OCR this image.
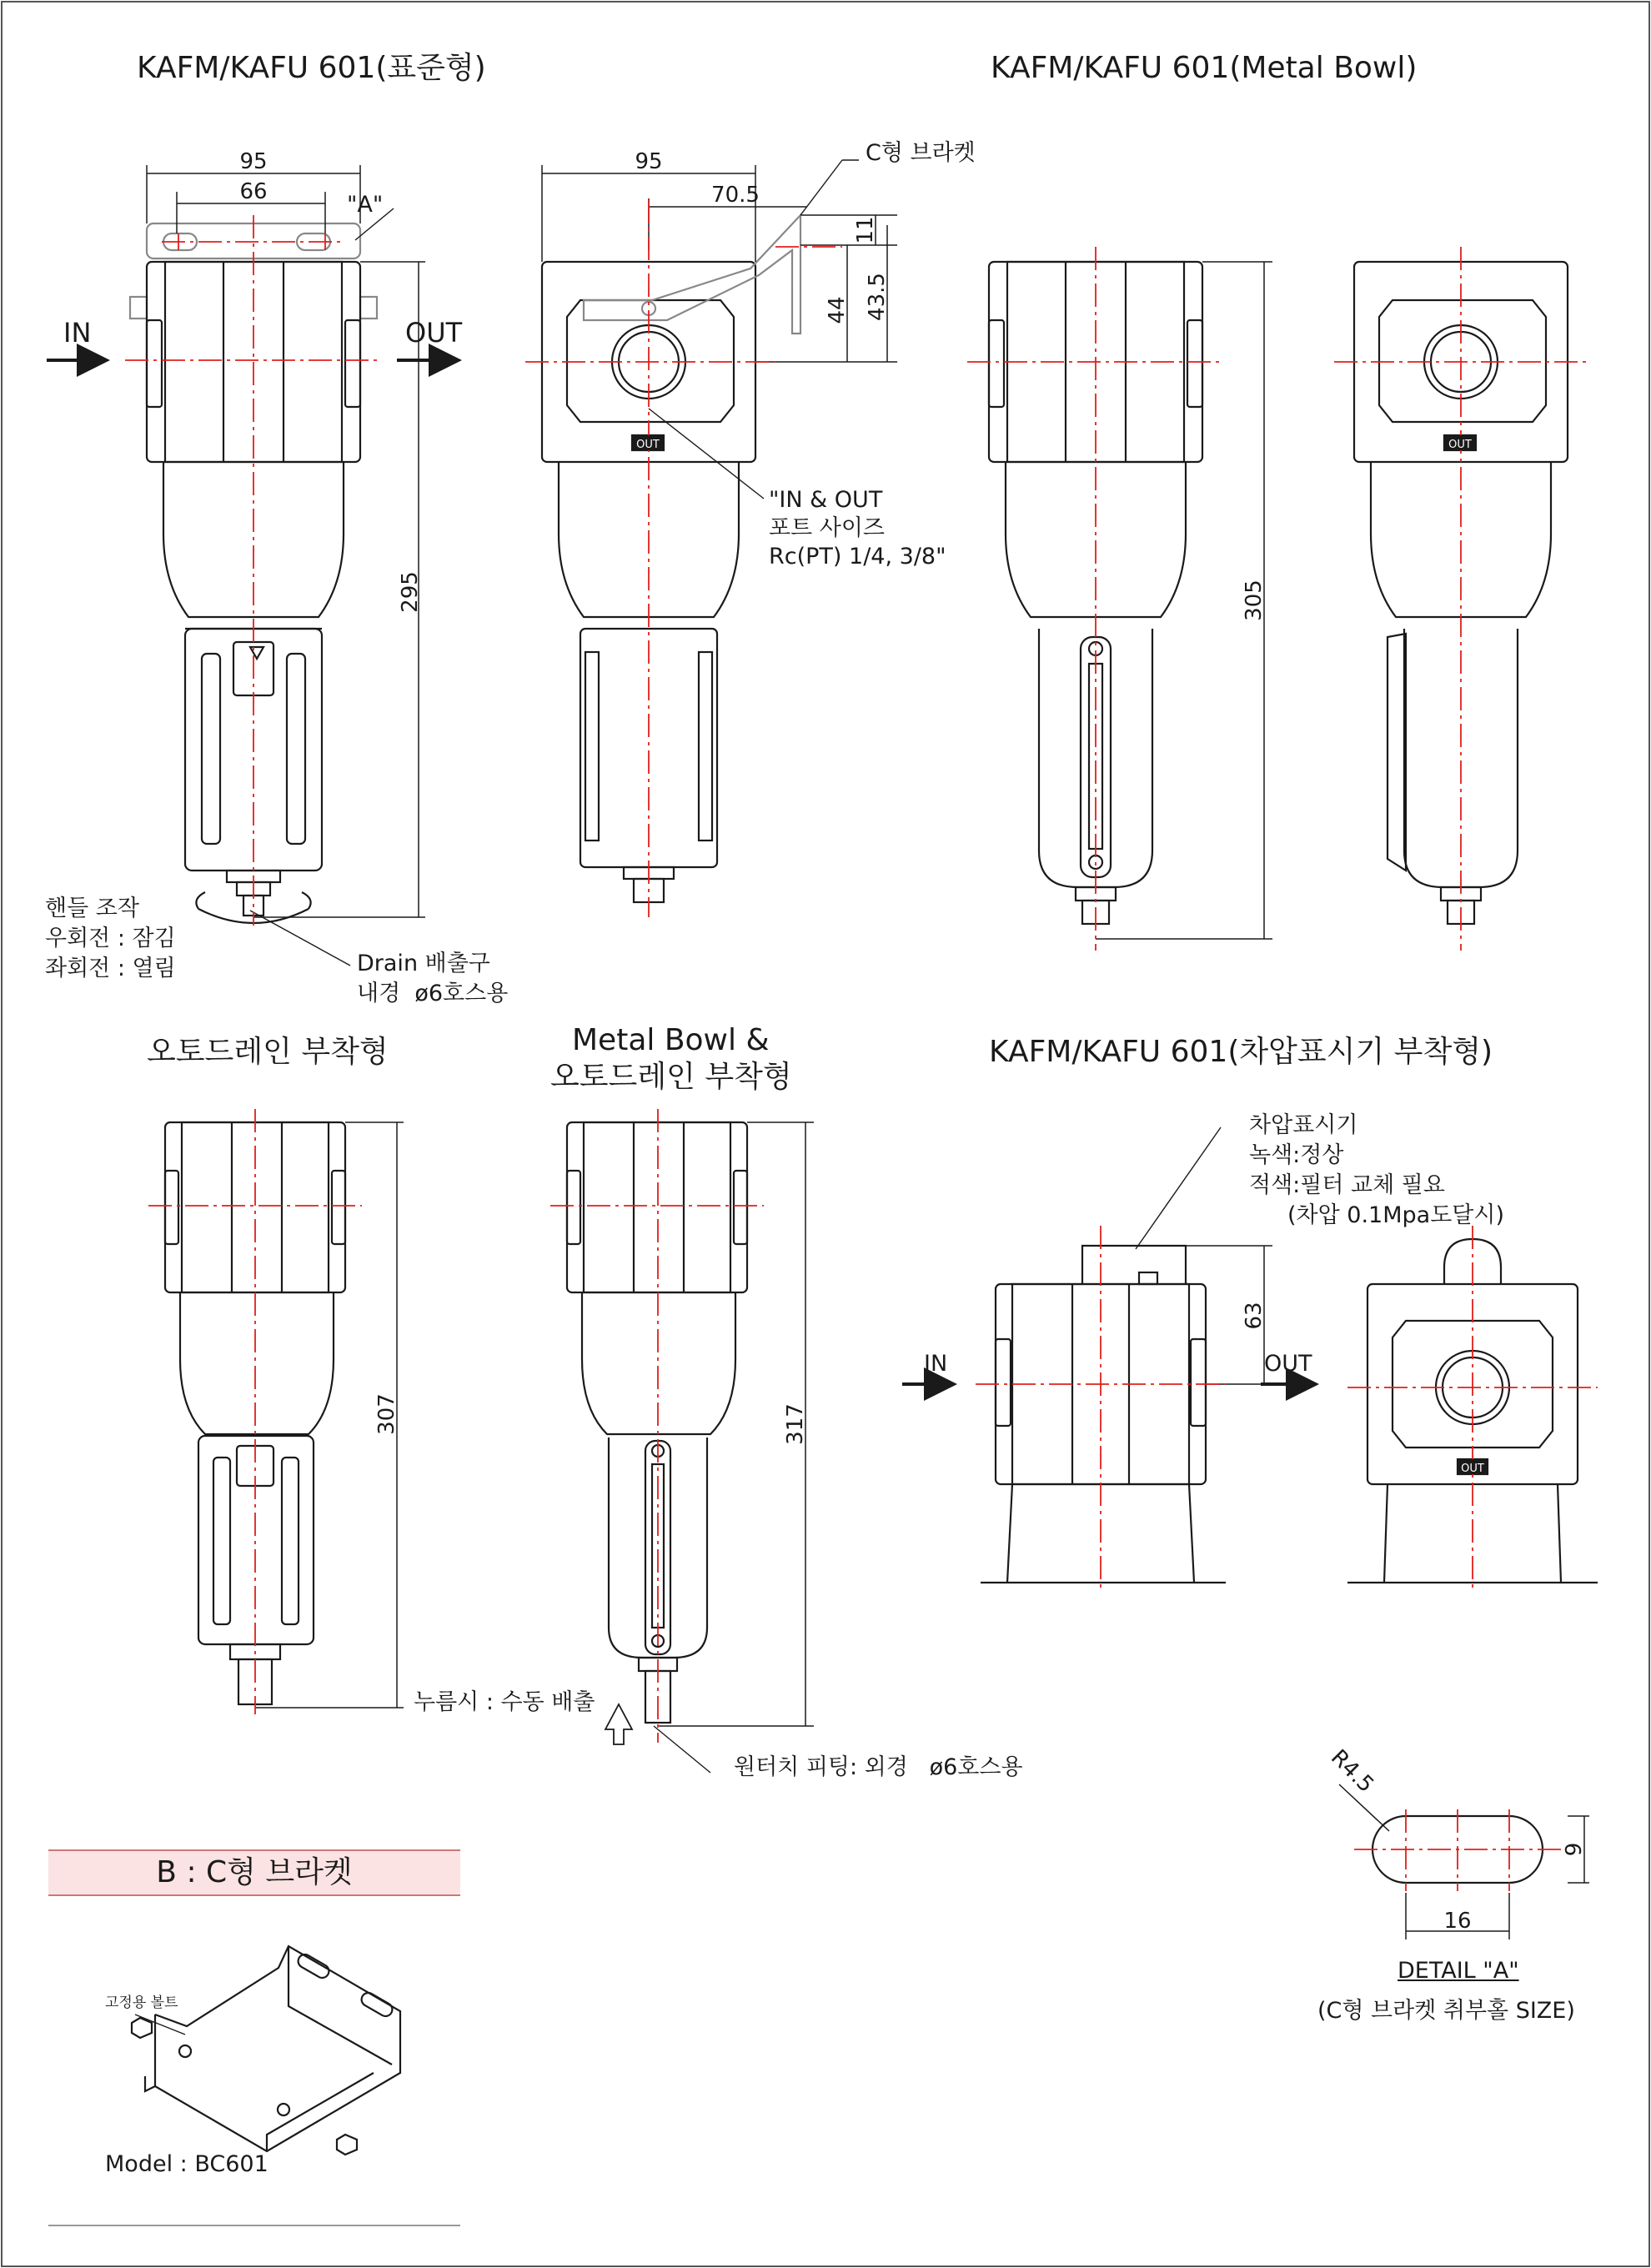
OUT	OUT
OUT
295	305
307	317
63
11
43.5
44
9
R4.5
95
66
95
70.5
16
KAFM/KAFU 601(표준형)	KAFM/KAFU 601(Metal Bowl)
오토드레인 부착형	Metal Bowl &
오토드레인 부착형
KAFM/KAFU 601(차압표시기 부착형)
"A"
IN	OUT
C형 브라켓
"IN & OUT
포트 사이즈
Rc(PT) 1/4, 3/8"
핸들 조작
우회전 : 잠김
좌회전 : 열림	Drain 배출구
내경  ø6호스용
누름시 : 수동 배출
원터치 피팅: 외경   ø6호스용
차압표시기
녹색:정상
적색:필터 교체 필요
(차압 0.1Mpa도달시)
IN	OUT
B : C형 브라켓
고정용 볼트
Model : BC601
DETAIL "A"
(C형 브라켓 취부홀 SIZE)
